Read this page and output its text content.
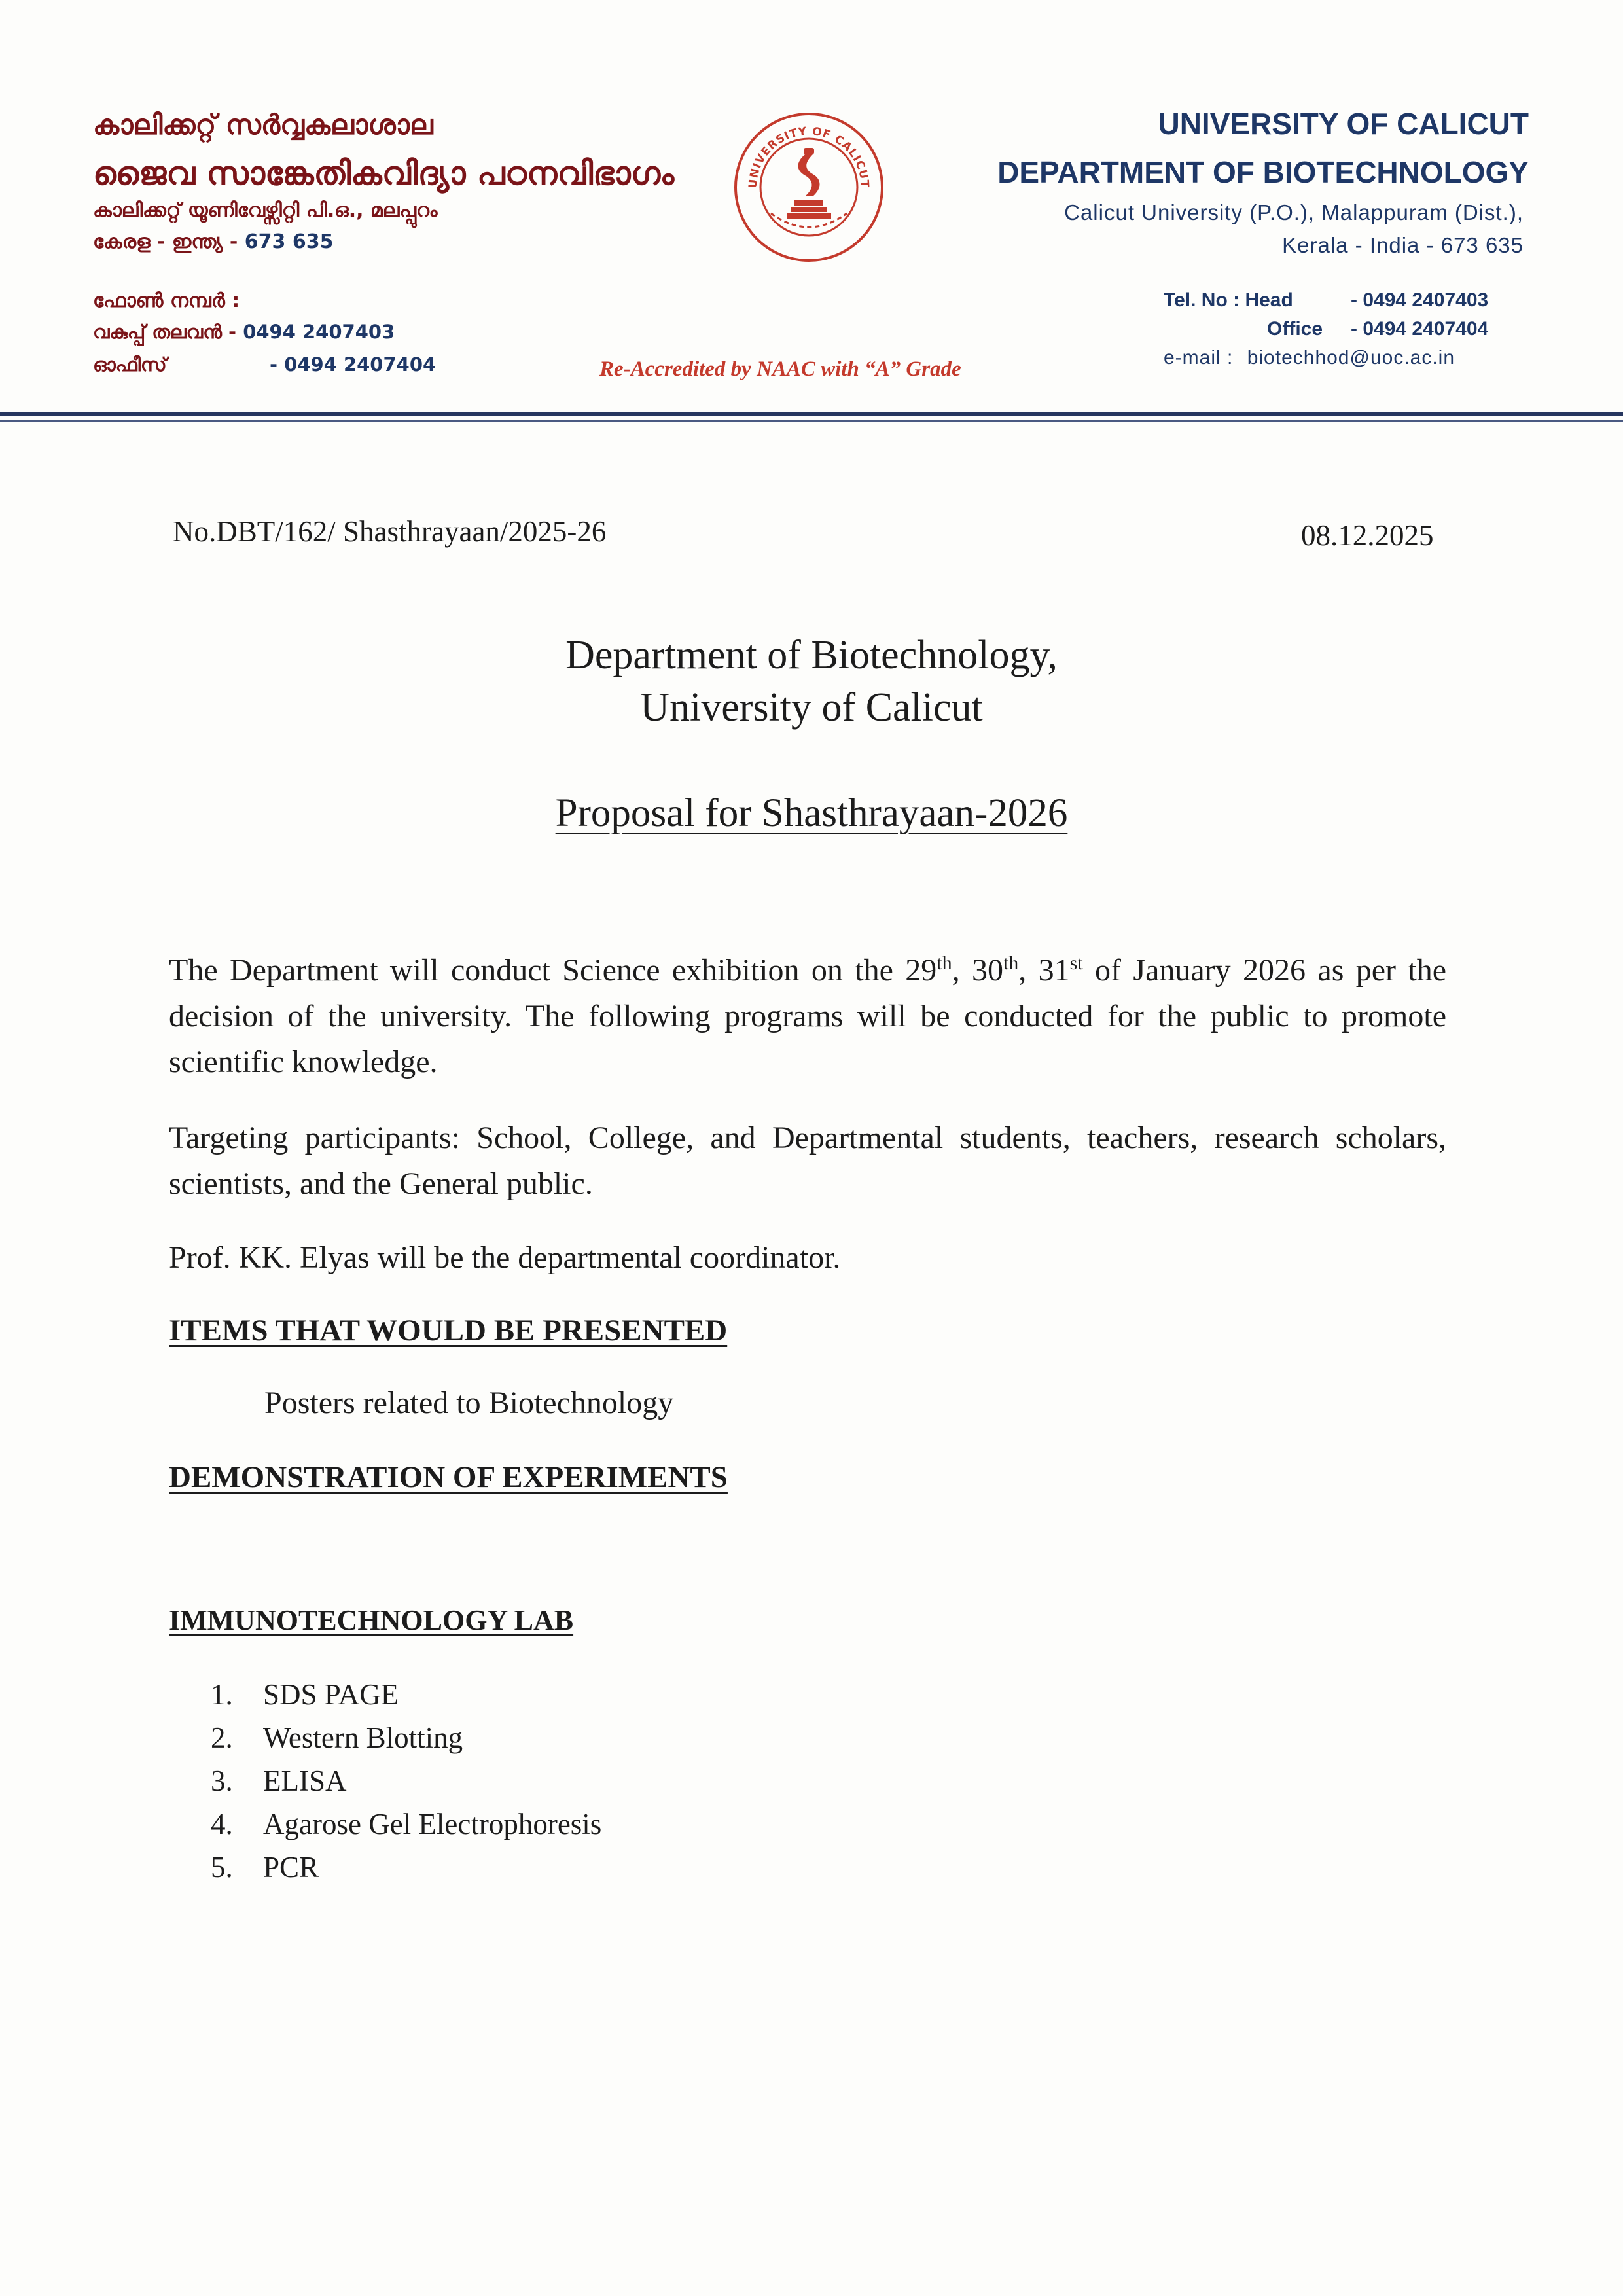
കാലിക്കറ്റ് സർവ്വകലാശാല
ജൈവ സാങ്കേതികവിദ്യാ പഠനവിഭാഗം
കാലിക്കറ്റ് യൂണിവേഴ്സിറ്റി പി.ഒ., മലപ്പുറം
കേരള - ഇന്ത്യ - 673 635
ഫോൺ നമ്പർ :
വകുപ്പ് തലവൻ - 0494 2407403
ഓഫീസ്	- 0494 2407404
UNIVERSITY OF CALICUT
Re-Accredited by NAAC with “A” Grade
UNIVERSITY OF CALICUT
DEPARTMENT OF BIOTECHNOLOGY
Calicut University (P.O.), Malappuram (Dist.),
Kerala - India - 673 635
Tel. No : Head	- 0494 2407403
Office - 0494 2407404
e-mail : biotechhod@uoc.ac.in
No.DBT/162/ Shasthrayaan/2025-26	08.12.2025
Department of Biotechnology,
University of Calicut
Proposal for Shasthrayaan-2026
The Department will conduct Science exhibition on the 29th, 30th, 31st of January 2026 as per the decision of the university. The following programs will be conducted for the public to promote scientific knowledge.
Targeting participants: School, College, and Departmental students, teachers, research scholars, scientists, and the General public.
Prof. KK. Elyas will be the departmental coordinator.
ITEMS THAT WOULD BE PRESENTED
Posters related to Biotechnology
DEMONSTRATION OF EXPERIMENTS
IMMUNOTECHNOLOGY LAB
1. SDS PAGE
2. Western Blotting
3. ELISA
4. Agarose Gel Electrophoresis
5. PCR
